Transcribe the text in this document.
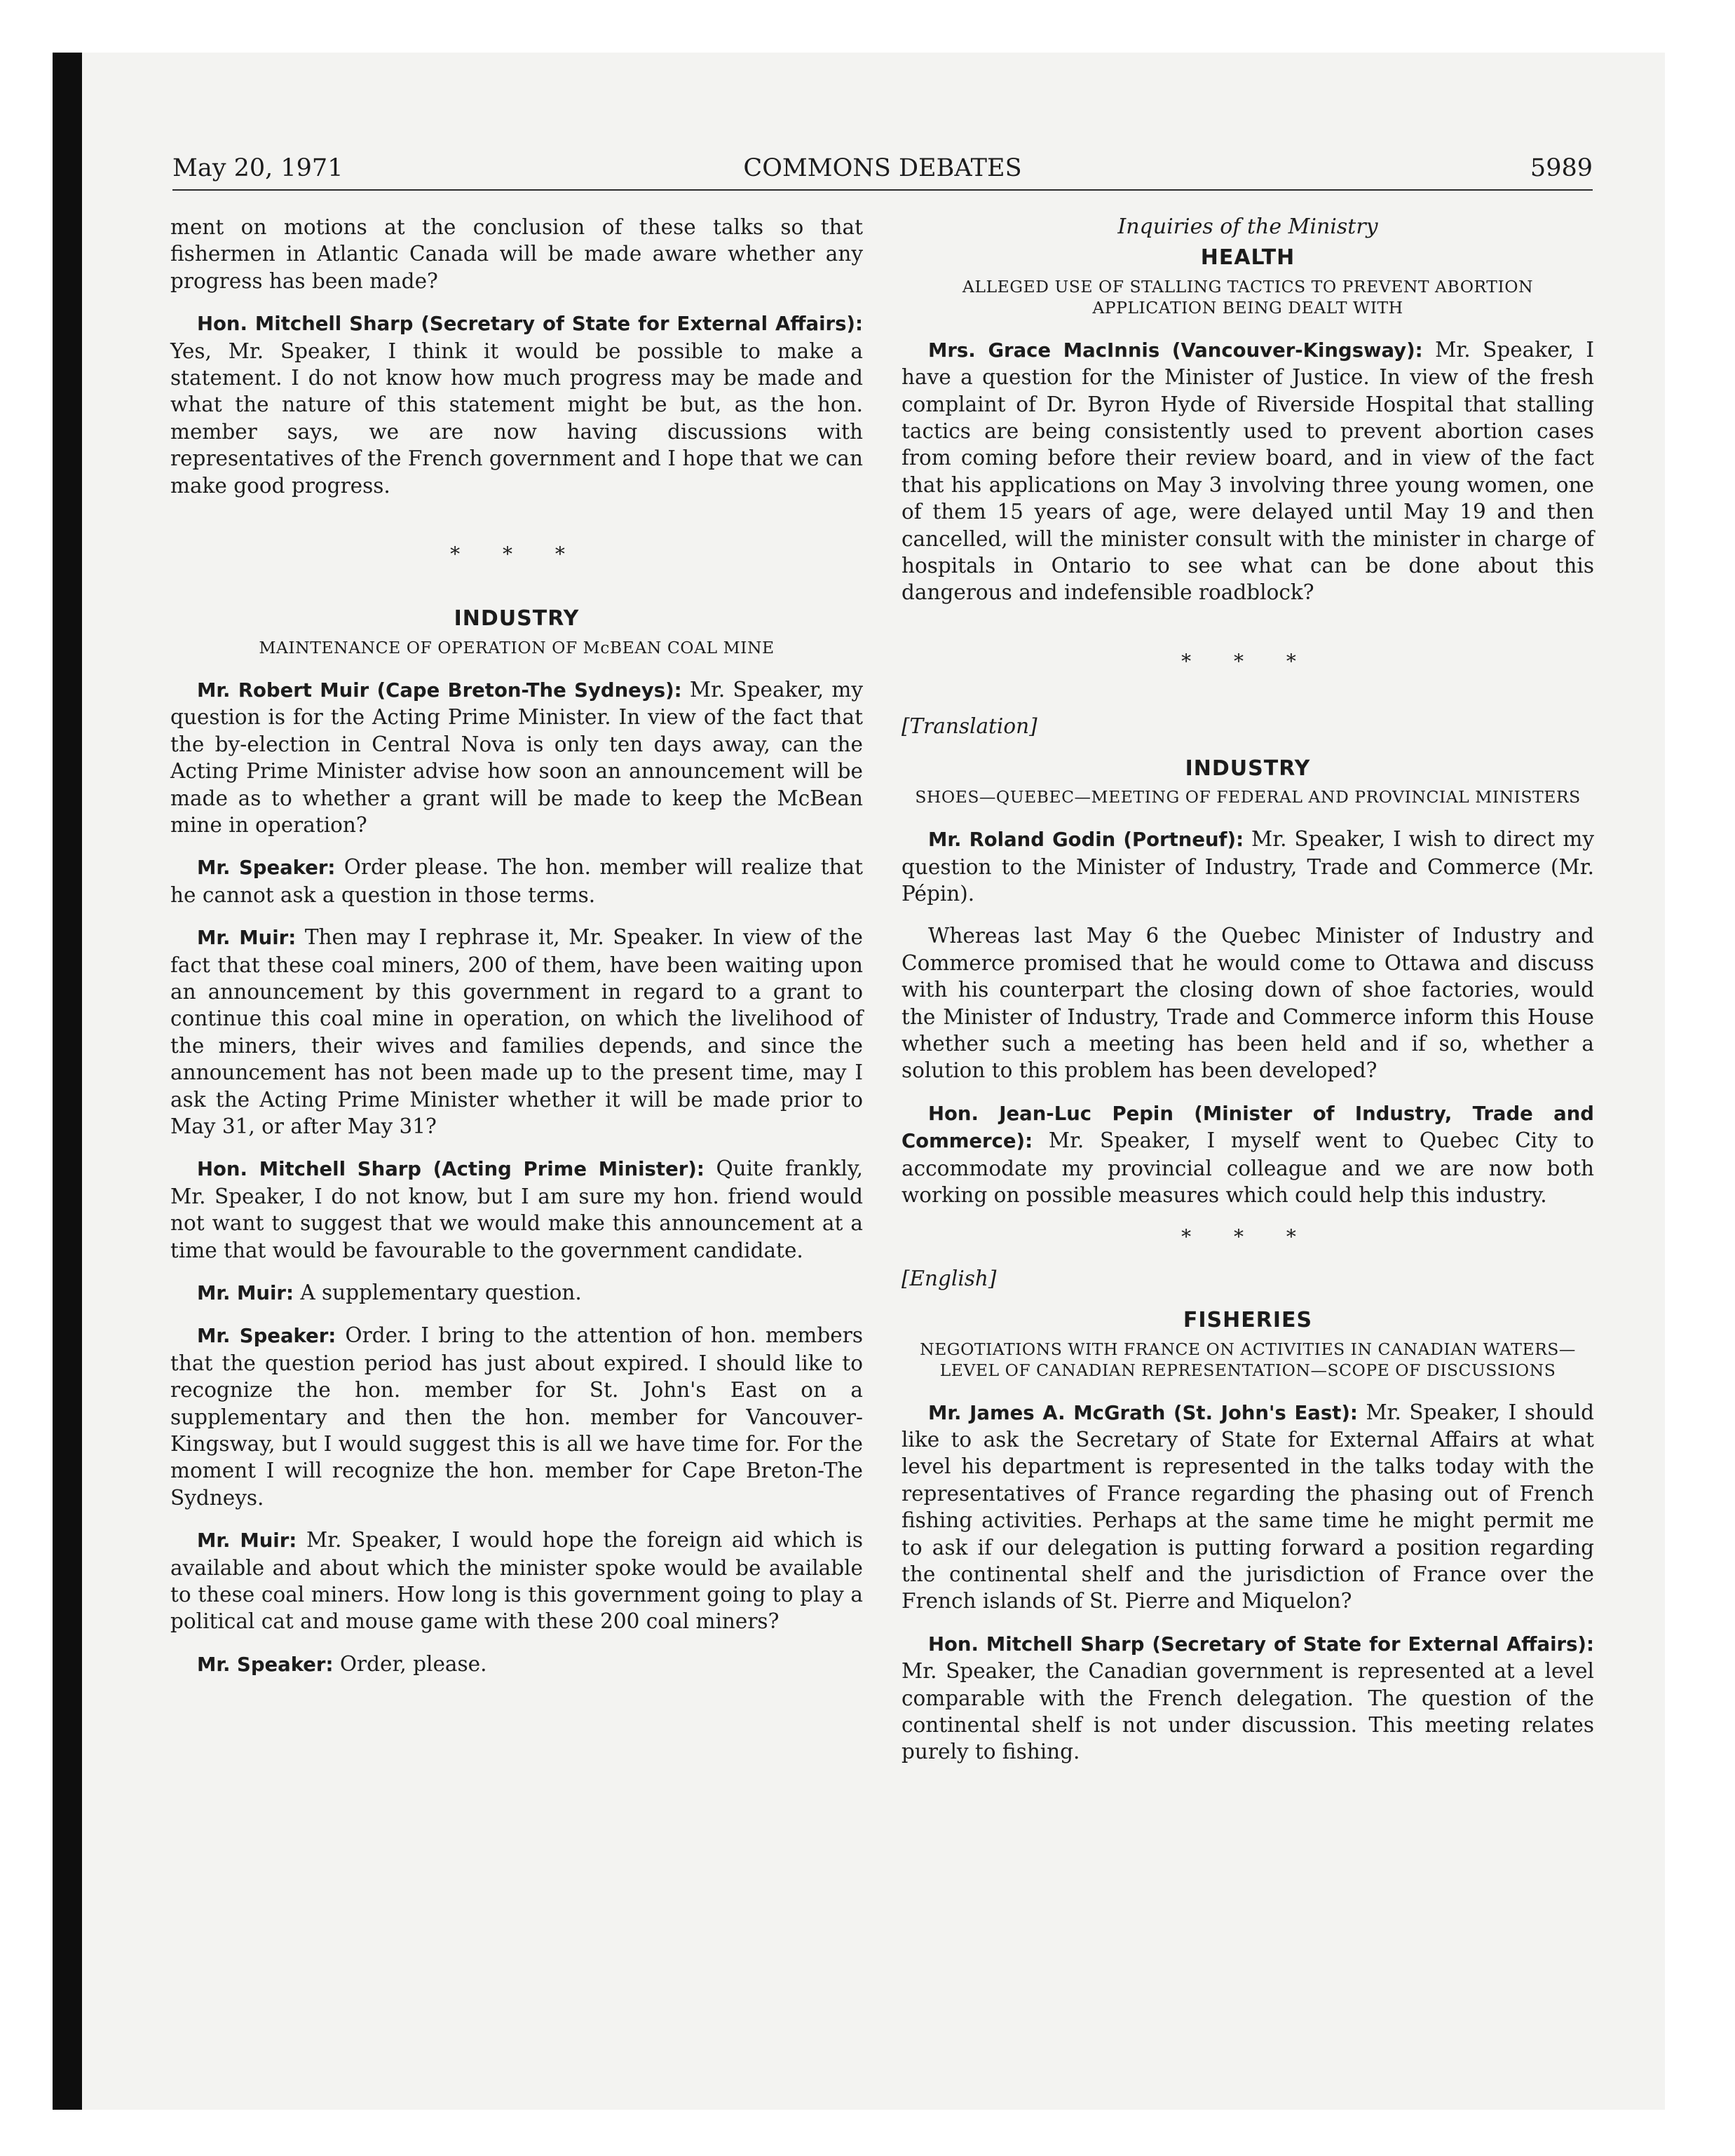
May 20, 1971	COMMONS DEBATES	5989

ment on motions at the conclusion of these talks so that fishermen in Atlantic Canada will be made aware whether any progress has been made?

Hon. Mitchell Sharp (Secretary of State for External Affairs): Yes, Mr. Speaker, I think it would be possible to make a statement. I do not know how much progress may be made and what the nature of this statement might be but, as the hon. member says, we are now having discussions with representatives of the French government and I hope that we can make good progress.

* * *
INDUSTRY
MAINTENANCE OF OPERATION OF McBEAN COAL MINE

Mr. Robert Muir (Cape Breton-The Sydneys): Mr. Speaker, my question is for the Acting Prime Minister. In view of the fact that the by-election in Central Nova is only ten days away, can the Acting Prime Minister advise how soon an announcement will be made as to whether a grant will be made to keep the McBean mine in operation?

Mr. Speaker: Order please. The hon. member will realize that he cannot ask a question in those terms.

Mr. Muir: Then may I rephrase it, Mr. Speaker. In view of the fact that these coal miners, 200 of them, have been waiting upon an announcement by this government in regard to a grant to continue this coal mine in operation, on which the livelihood of the miners, their wives and families depends, and since the announcement has not been made up to the present time, may I ask the Acting Prime Minister whether it will be made prior to May 31, or after May 31?

Hon. Mitchell Sharp (Acting Prime Minister): Quite frankly, Mr. Speaker, I do not know, but I am sure my hon. friend would not want to suggest that we would make this announcement at a time that would be favourable to the government candidate.

Mr. Muir: A supplementary question.

Mr. Speaker: Order. I bring to the attention of hon. members that the question period has just about expired. I should like to recognize the hon. member for St. John's East on a supplementary and then the hon. member for Vancouver-Kingsway, but I would suggest this is all we have time for. For the moment I will recognize the hon. member for Cape Breton-The Sydneys.

Mr. Muir: Mr. Speaker, I would hope the foreign aid which is available and about which the minister spoke would be available to these coal miners. How long is this government going to play a political cat and mouse game with these 200 coal miners?

Mr. Speaker: Order, please.

Inquiries of the Ministry
HEALTH
ALLEGED USE OF STALLING TACTICS TO PREVENT ABORTION APPLICATION BEING DEALT WITH

Mrs. Grace MacInnis (Vancouver-Kingsway): Mr. Speaker, I have a question for the Minister of Justice. In view of the fresh complaint of Dr. Byron Hyde of Riverside Hospital that stalling tactics are being consistently used to prevent abortion cases from coming before their review board, and in view of the fact that his applications on May 3 involving three young women, one of them 15 years of age, were delayed until May 19 and then cancelled, will the minister consult with the minister in charge of hospitals in Ontario to see what can be done about this dangerous and indefensible roadblock?

* * *

[Translation]

INDUSTRY
SHOES—QUEBEC—MEETING OF FEDERAL AND PROVINCIAL MINISTERS

Mr. Roland Godin (Portneuf): Mr. Speaker, I wish to direct my question to the Minister of Industry, Trade and Commerce (Mr. Pépin).

Whereas last May 6 the Quebec Minister of Industry and Commerce promised that he would come to Ottawa and discuss with his counterpart the closing down of shoe factories, would the Minister of Industry, Trade and Commerce inform this House whether such a meeting has been held and if so, whether a solution to this problem has been developed?

Hon. Jean-Luc Pepin (Minister of Industry, Trade and Commerce): Mr. Speaker, I myself went to Quebec City to accommodate my provincial colleague and we are now both working on possible measures which could help this industry.

* * *

[English]

FISHERIES
NEGOTIATIONS WITH FRANCE ON ACTIVITIES IN CANADIAN WATERS—LEVEL OF CANADIAN REPRESENTATION—SCOPE OF DISCUSSIONS

Mr. James A. McGrath (St. John's East): Mr. Speaker, I should like to ask the Secretary of State for External Affairs at what level his department is represented in the talks today with the representatives of France regarding the phasing out of French fishing activities. Perhaps at the same time he might permit me to ask if our delegation is putting forward a position regarding the continental shelf and the jurisdiction of France over the French islands of St. Pierre and Miquelon?

Hon. Mitchell Sharp (Secretary of State for External Affairs): Mr. Speaker, the Canadian government is represented at a level comparable with the French delegation. The question of the continental shelf is not under discussion. This meeting relates purely to fishing.
